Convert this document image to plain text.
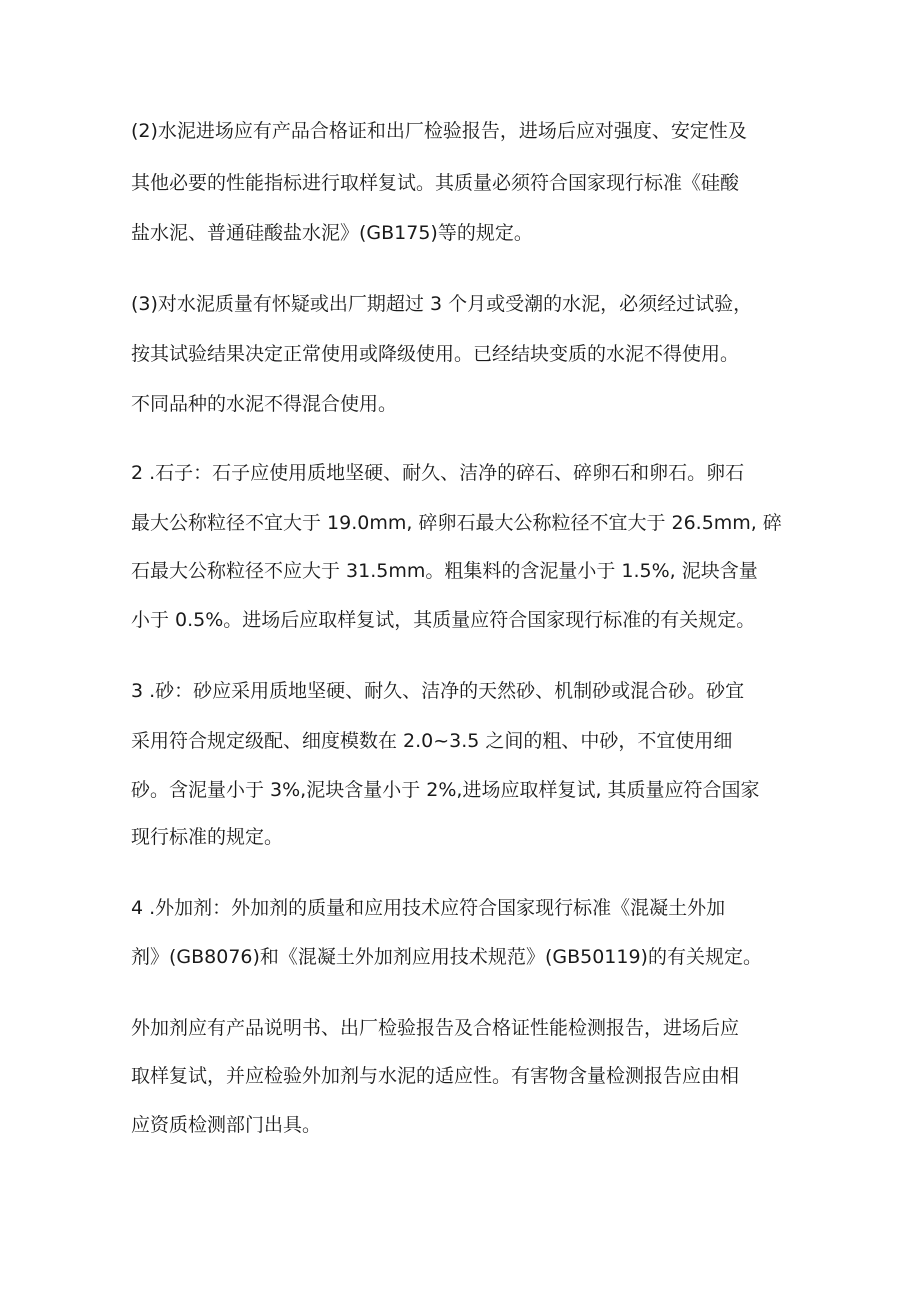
(2)水泥进场应有产品合格证和出厂检验报告，进场后应对强度、安定性及
其他必要的性能指标进行取样复试。其质量必须符合国家现行标准《硅酸
盐水泥、普通硅酸盐水泥》(GB175)等的规定。
(3)对水泥质量有怀疑或出厂期超过 3 个月或受潮的水泥，必须经过试验，
按其试验结果决定正常使用或降级使用。已经结块变质的水泥不得使用。
不同品种的水泥不得混合使用。
2 .石子：石子应使用质地坚硬、耐久、洁净的碎石、碎卵石和卵石。卵石
最大公称粒径不宜大于 19.0mm, 碎卵石最大公称粒径不宜大于 26.5mm, 碎
石最大公称粒径不应大于 31.5mm。粗集料的含泥量小于 1.5%, 泥块含量
小于 0.5%。进场后应取样复试，其质量应符合国家现行标准的有关规定。
3 .砂：砂应采用质地坚硬、耐久、洁净的天然砂、机制砂或混合砂。砂宜
采用符合规定级配、细度模数在 2.0~3.5 之间的粗、中砂，不宜使用细
砂。含泥量小于 3%,泥块含量小于 2%,进场应取样复试, 其质量应符合国家
现行标准的规定。
4 .外加剂：外加剂的质量和应用技术应符合国家现行标准《混凝土外加
剂》(GB8076)和《混凝土外加剂应用技术规范》(GB50119)的有关规定。
外加剂应有产品说明书、出厂检验报告及合格证性能检测报告，进场后应
取样复试，并应检验外加剂与水泥的适应性。有害物含量检测报告应由相
应资质检测部门出具。
